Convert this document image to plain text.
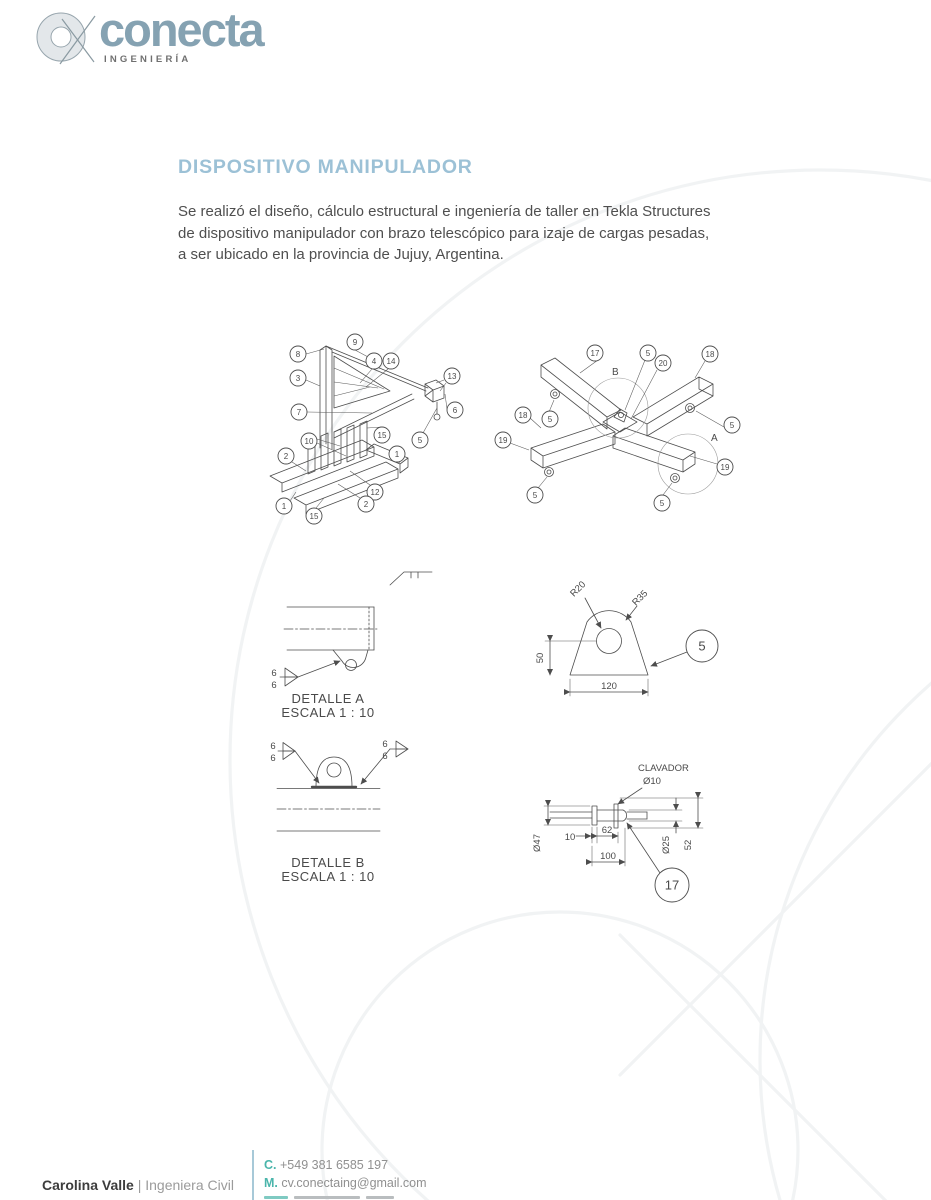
conecta
INGENIERÍA
DISPOSITIVO MANIPULADOR
Se realizó el diseño, cálculo estructural e ingeniería de taller en Tekla Structures
de dispositivo manipulador con brazo telescópico para izaje de cargas pesadas,
a ser ubicado en la provincia de Jujuy, Argentina.
9
8
4 14
3	13
7	6
5
15
1
10
2
12
2
1
15
17	5
20
18
18	5
19
5
19
5
5
B
A
6
6
DETALLE A
ESCALA 1 : 10
6
6
6
6
DETALLE B
ESCALA 1 : 10
R20	R35
50
120
5
CLAVADOR
Ø10
Ø47 10
62
100
Ø25 52
17
Carolina Valle | Ingeniera Civil
C. +549 381 6585 197
M. cv.conectaing@gmail.com
